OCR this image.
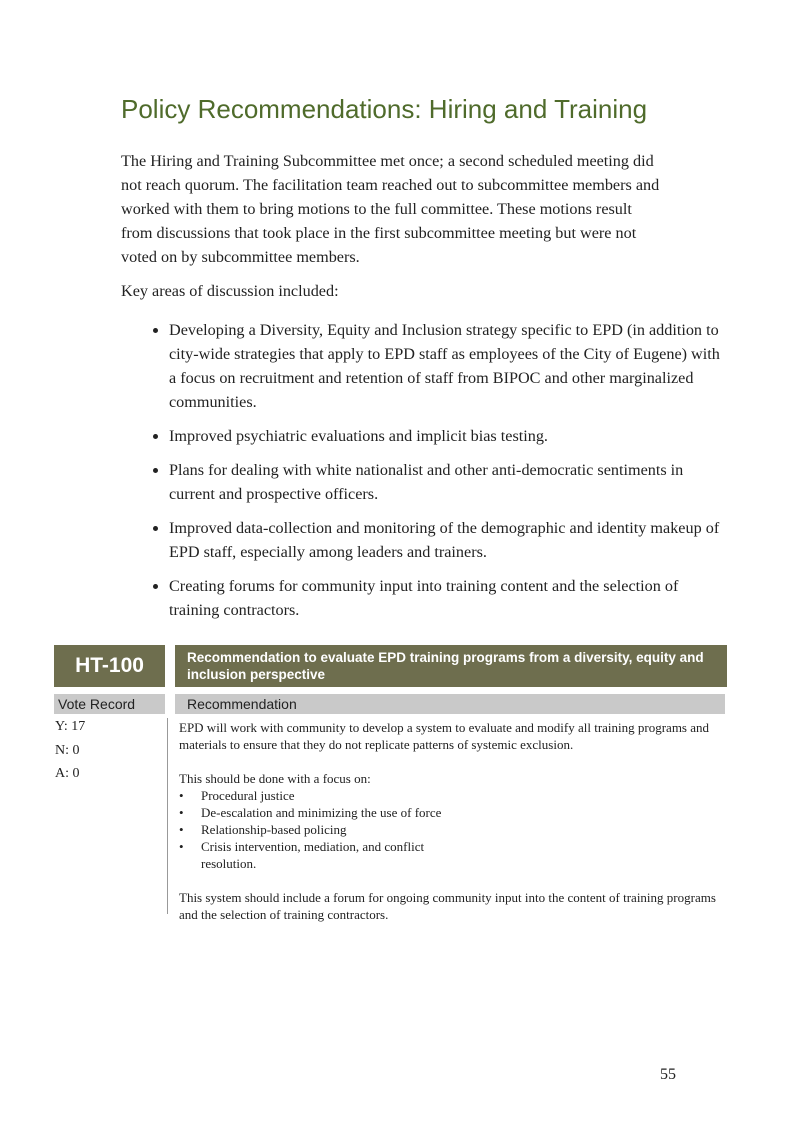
Policy Recommendations: Hiring and Training

The Hiring and Training Subcommittee met once; a second scheduled meeting did not reach quorum. The facilitation team reached out to subcommittee members and worked with them to bring motions to the full committee. These motions result from discussions that took place in the first subcommittee meeting but were not voted on by subcommittee members.

Key areas of discussion included:

• Developing a Diversity, Equity and Inclusion strategy specific to EPD (in addition to city-wide strategies that apply to EPD staff as employees of the City of Eugene) with a focus on recruitment and retention of staff from BIPOC and other marginalized communities.
• Improved psychiatric evaluations and implicit bias testing.
• Plans for dealing with white nationalist and other anti-democratic sentiments in current and prospective officers.
• Improved data-collection and monitoring of the demographic and identity makeup of EPD staff, especially among leaders and trainers.
• Creating forums for community input into training content and the selection of training contractors.
HT-100	Recommendation to evaluate EPD training programs from a diversity, equity and inclusion perspective
Vote Record	Recommendation
Y: 17
N: 0
A: 0

EPD will work with community to develop a system to evaluate and modify all training programs and materials to ensure that they do not replicate patterns of systemic exclusion.

This should be done with a focus on:

• Procedural justice
• De-escalation and minimizing the use of force
• Relationship-based policing
• Crisis intervention, mediation, and conflict resolution.

This system should include a forum for ongoing community input into the content of training programs and the selection of training contractors.

55
